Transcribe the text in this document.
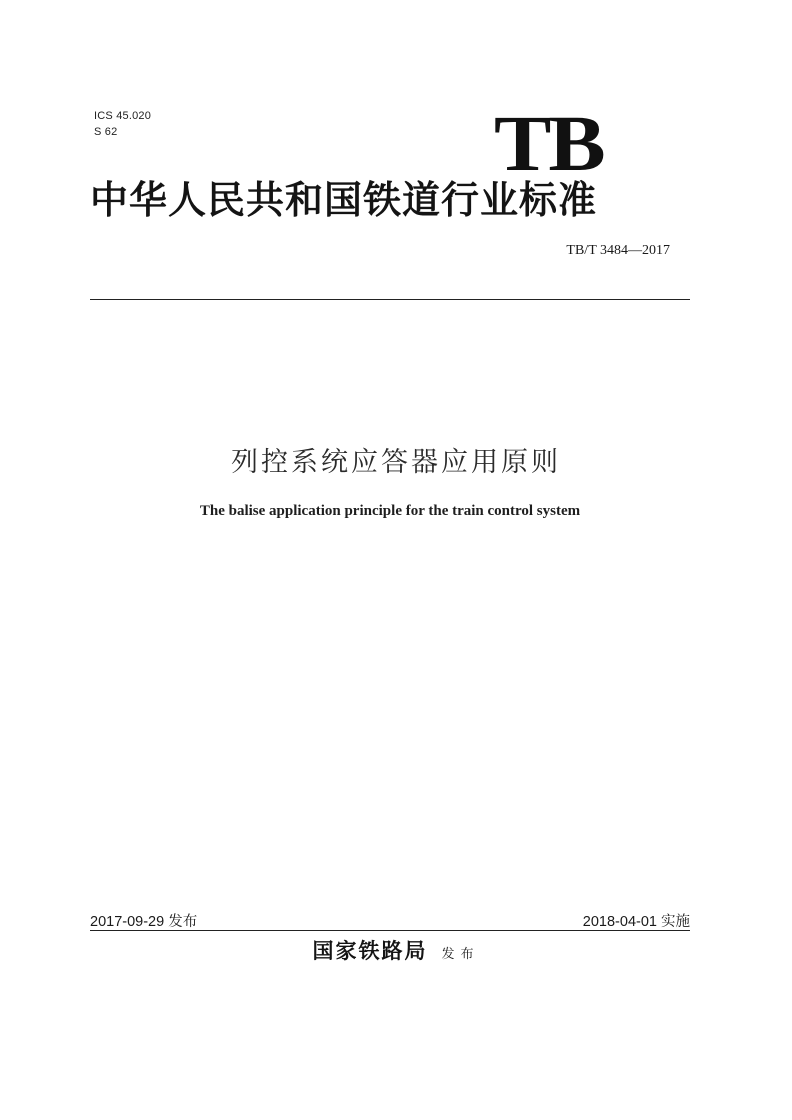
ICS 45.020
S 62	TB
中华人民共和国铁道行业标准
TB/T 3484—2017
列控系统应答器应用原则
The balise application principle for the train control system
2017-09-29 发布	2018-04-01 实施
国家铁路局 发布
